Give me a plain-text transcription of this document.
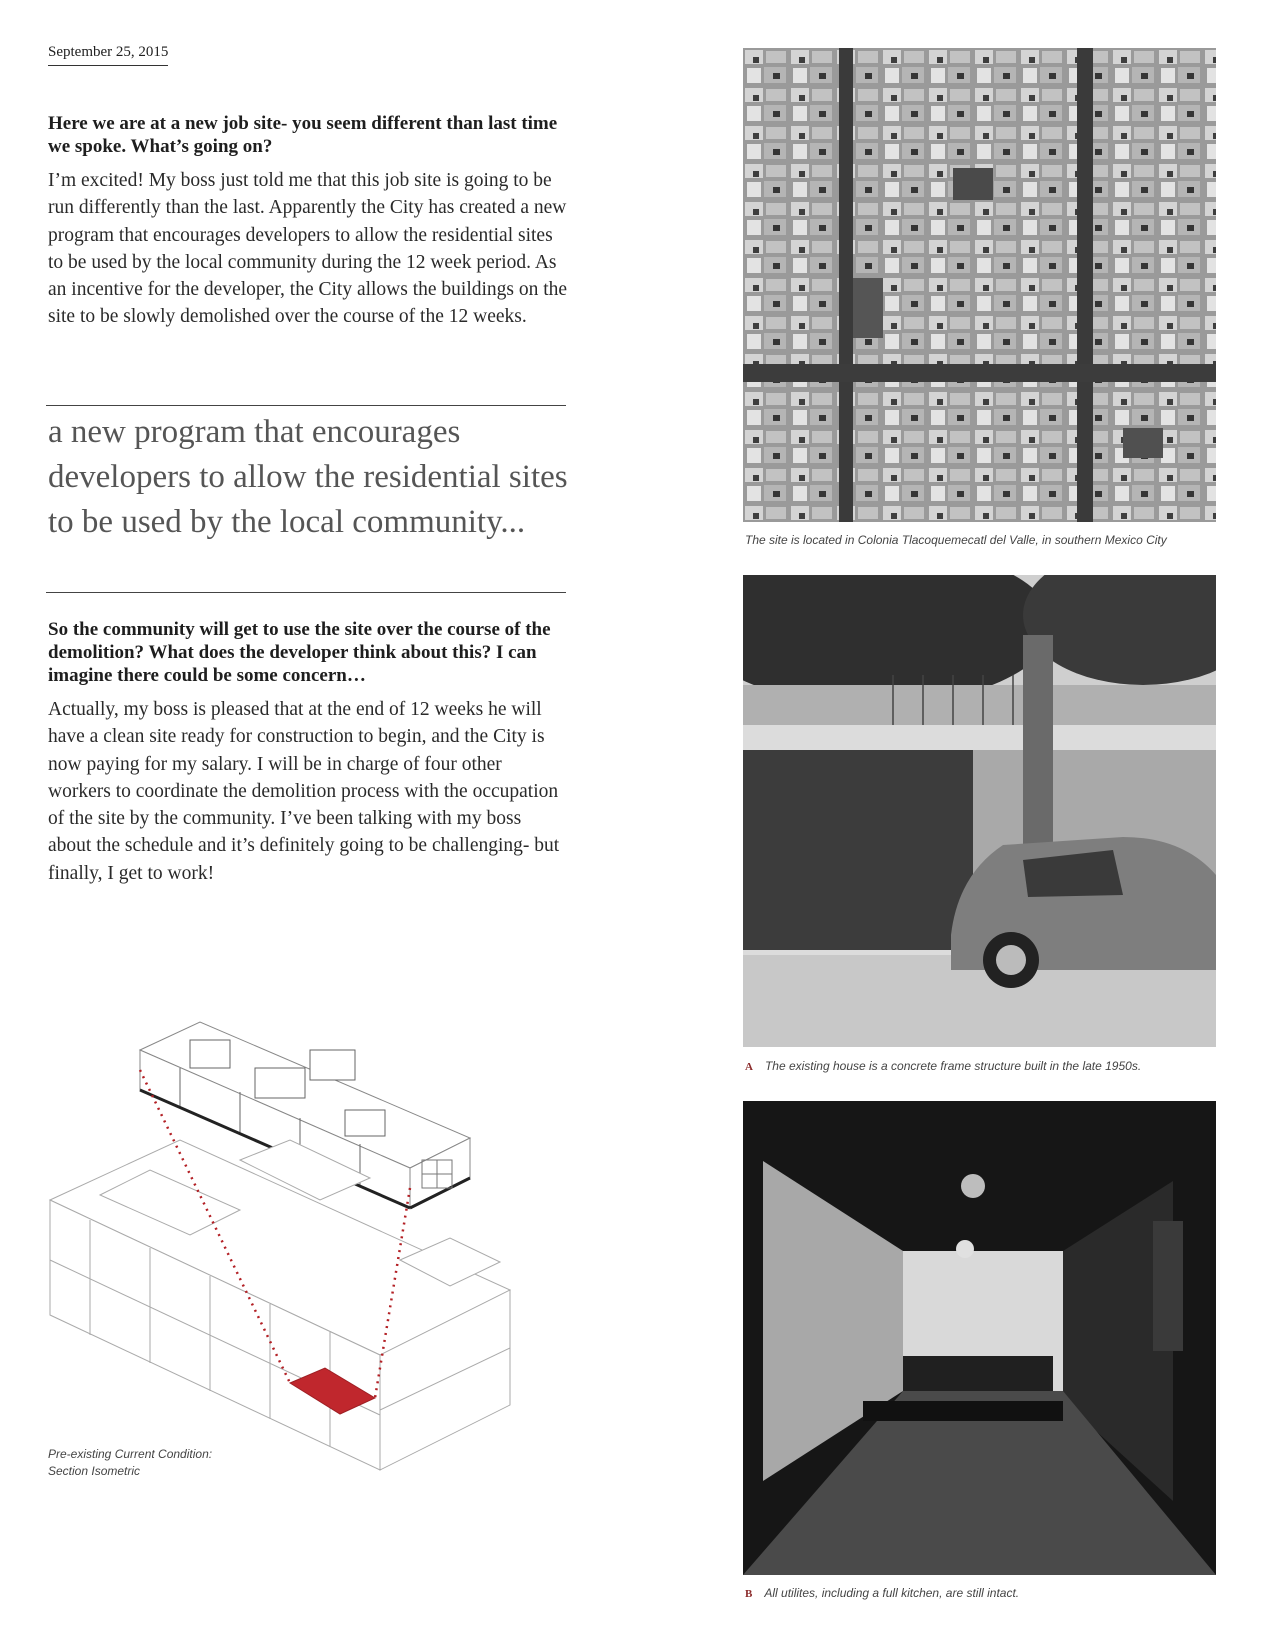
September 25, 2015

Here we are at a new job site- you seem different than last time we spoke. What’s going on?

I’m excited! My boss just told me that this job site is going to be run differently than the last. Apparently the City has created a new program that encourages developers to allow the residential sites to be used by the local community during the 12 week period. As an incentive for the developer, the City allows the buildings on the site to be slowly demolished over the course of the 12 weeks.

a new program that encourages developers to allow the residential sites to be used by the local community...

So the community will get to use the site over the course of the demolition? What does the developer think about this? I can imagine there could be some concern…

Actually, my boss is pleased that at the end of 12 weeks he will have a clean site ready for construction to begin, and the City is now paying for my salary. I will be in charge of four other workers to coordinate the demolition process with the occupation of the site by the community. I’ve been talking with my boss about the schedule and it’s definitely going to be challenging- but finally, I get to work!

Pre-existing Current Condition:
Section Isometric
The site is located in Colonia Tlacoquemecatl del Valle, in southern Mexico City
A The existing house is a concrete frame structure built in the late 1950s.
B All utilites, including a full kitchen, are still intact.
